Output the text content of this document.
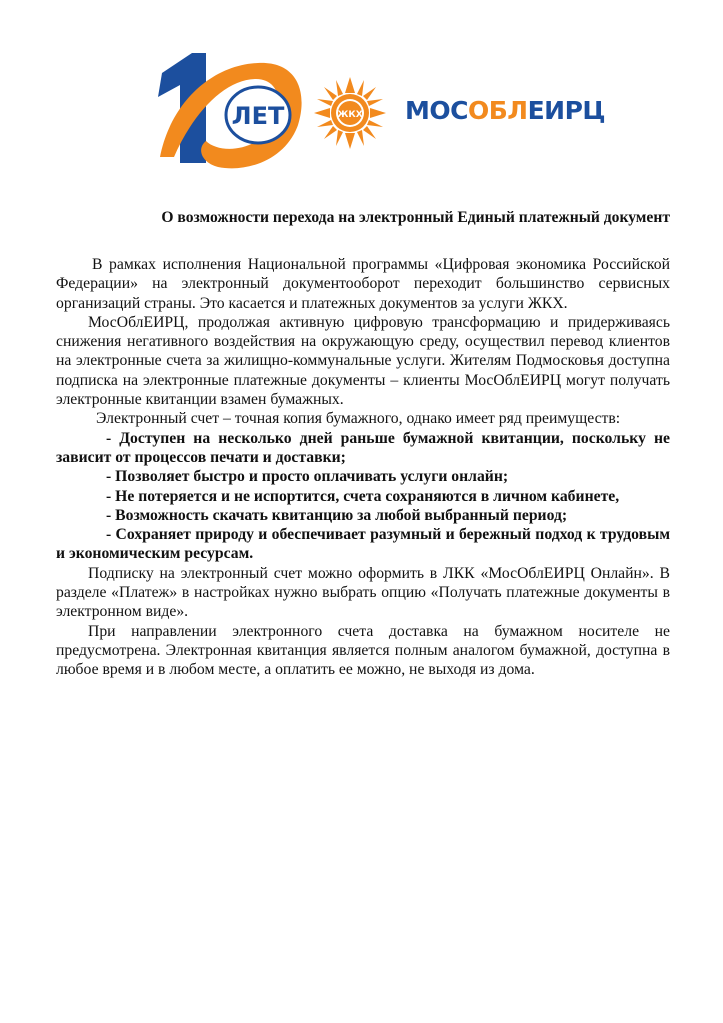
ЛЕТ	ЖКХ МОСОБЛЕИРЦ
О возможности перехода на электронный Единый платежный документ

В рамках исполнения Национальной программы «Цифровая экономика Российской Федерации» на электронный документооборот переходит большинство сервисных организаций страны. Это касается и платежных документов за услуги ЖКХ.

МосОблЕИРЦ, продолжая активную цифровую трансформацию и придерживаясь снижения негативного воздействия на окружающую среду, осуществил перевод клиентов на электронные счета за жилищно-коммунальные услуги. Жителям Подмосковья доступна подписка на электронные платежные документы – клиенты МосОблЕИРЦ могут получать электронные квитанции взамен бумажных.

Электронный счет – точная копия бумажного, однако имеет ряд преимуществ:

- Доступен на несколько дней раньше бумажной квитанции, поскольку не зависит от процессов печати и доставки;

- Позволяет быстро и просто оплачивать услуги онлайн;

- Не потеряется и не испортится, счета сохраняются в личном кабинете,

- Возможность скачать квитанцию за любой выбранный период;

- Сохраняет природу и обеспечивает разумный и бережный подход к трудовым и экономическим ресурсам.

Подписку на электронный счет можно оформить в ЛКК «МосОблЕИРЦ Онлайн». В разделе «Платеж» в настройках нужно выбрать опцию «Получать платежные документы в электронном виде».

При направлении электронного счета доставка на бумажном носителе не предусмотрена. Электронная квитанция является полным аналогом бумажной, доступна в любое время и в любом месте, а оплатить ее можно, не выходя из дома.
